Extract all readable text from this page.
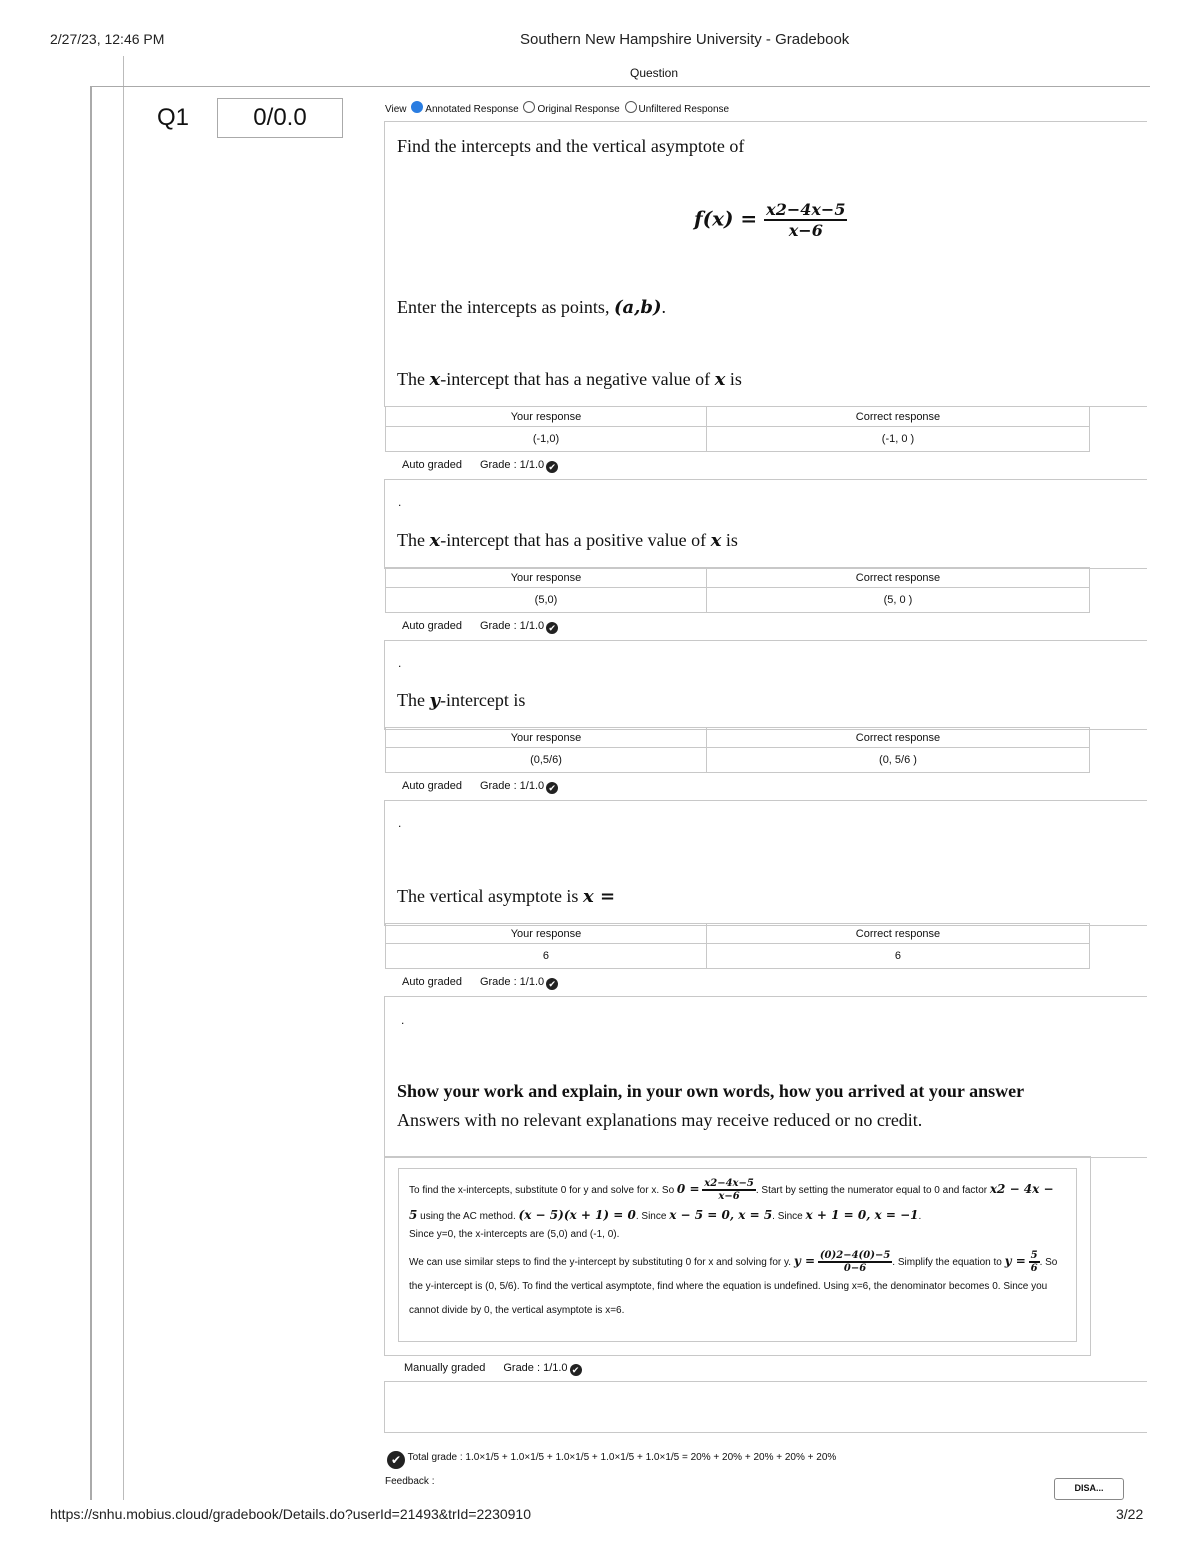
2/27/23, 12:46 PM	Southern New Hampshire University - Gradebook
Question
Q1	0/0.0	View Annotated Response Original Response Unfiltered Response
Find the intercepts and the vertical asymptote of
$f(x) = \frac{x2-4x-5}{x-6}$
Enter the intercepts as points, (a,b).
The x-intercept that has a negative value of x is
Your response	Correct response
(-1,0)	(-1, 0 )
Auto graded Grade : 1/1.0 ✔
.
The x-intercept that has a positive value of x is
Your response	Correct response
(5,0)	(5, 0 )
Auto graded Grade : 1/1.0 ✔
.
The y-intercept is
Your response	Correct response
(0,5/6)	(0, 5/6 )
Auto graded Grade : 1/1.0 ✔
.
The vertical asymptote is x =
Your response	Correct response
6	6
Auto graded Grade : 1/1.0 ✔
.
Show your work and explain, in your own words, how you arrived at your answer
Answers with no relevant explanations may receive reduced or no credit.
To find the x-intercepts, substitute 0 for y and solve for x. So $0 = \frac{x2-4x-5}{x-6}$ . Start by setting the numerator equal to 0 and factor x2 − 4x − 5 using the AC method. (x − 5)(x + 1) = 0. Since x − 5 = 0, x = 5. Since x + 1 = 0, x = −1.
Since y=0, the x-intercepts are (5,0) and (-1, 0).
We can use similar steps to find the y-intercept by substituting 0 for x and solving for y. $y = \frac{(0)2-4(0)-5}{0-6}$ . Simplify the equation to $y = \frac{5}{6}$ . So the y-intercept is (0, 5/6). To find the vertical asymptote, find where the equation is undefined. Using x=6, the denominator becomes 0. Since you cannot divide by 0, the vertical asymptote is x=6.
Manually graded Grade : 1/1.0 ✔
✔ Total grade : 1.0×1/5 + 1.0×1/5 + 1.0×1/5 + 1.0×1/5 + 1.0×1/5 = 20% + 20% + 20% + 20% + 20%
Feedback :
DISA...
https://snhu.mobius.cloud/gradebook/Details.do?userId=21493&trId=2230910	3/22
